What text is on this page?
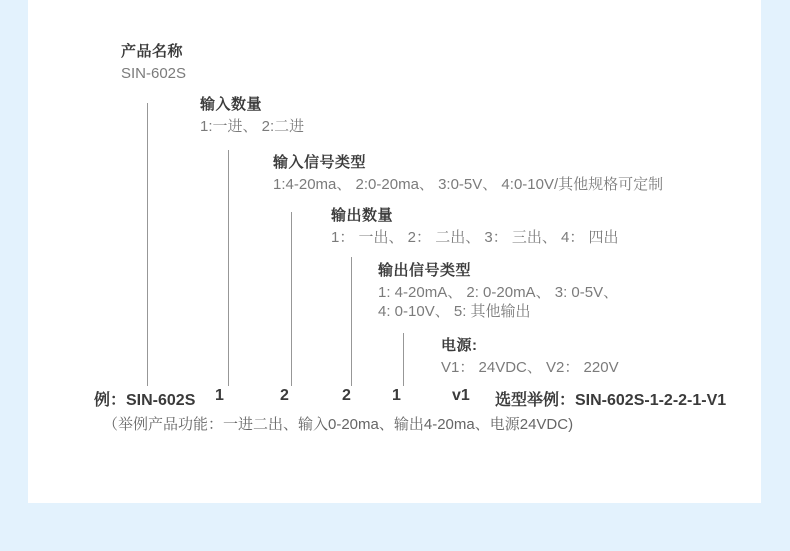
产品名称
SIN-602S
输入数量
1:一进、 2:二进
输入信号类型
1:4-20ma、 2:0-20ma、 3:0-5V、 4:0-10V/其他规格可定制
输出数量
1： 一出、 2： 二出、 3： 三出、 4： 四出
输出信号类型
1: 4-20mA、 2: 0-20mA、 3: 0-5V、
4: 0-10V、 5: 其他输出
电源:
V1： 24VDC、 V2： 220V
例：SIN-602S 1	2	2	1	v1 选型举例：SIN-602S-1-2-2-1-V1
（举例产品功能：一进二出、输入0-20ma、输出4-20ma、电源24VDC)
